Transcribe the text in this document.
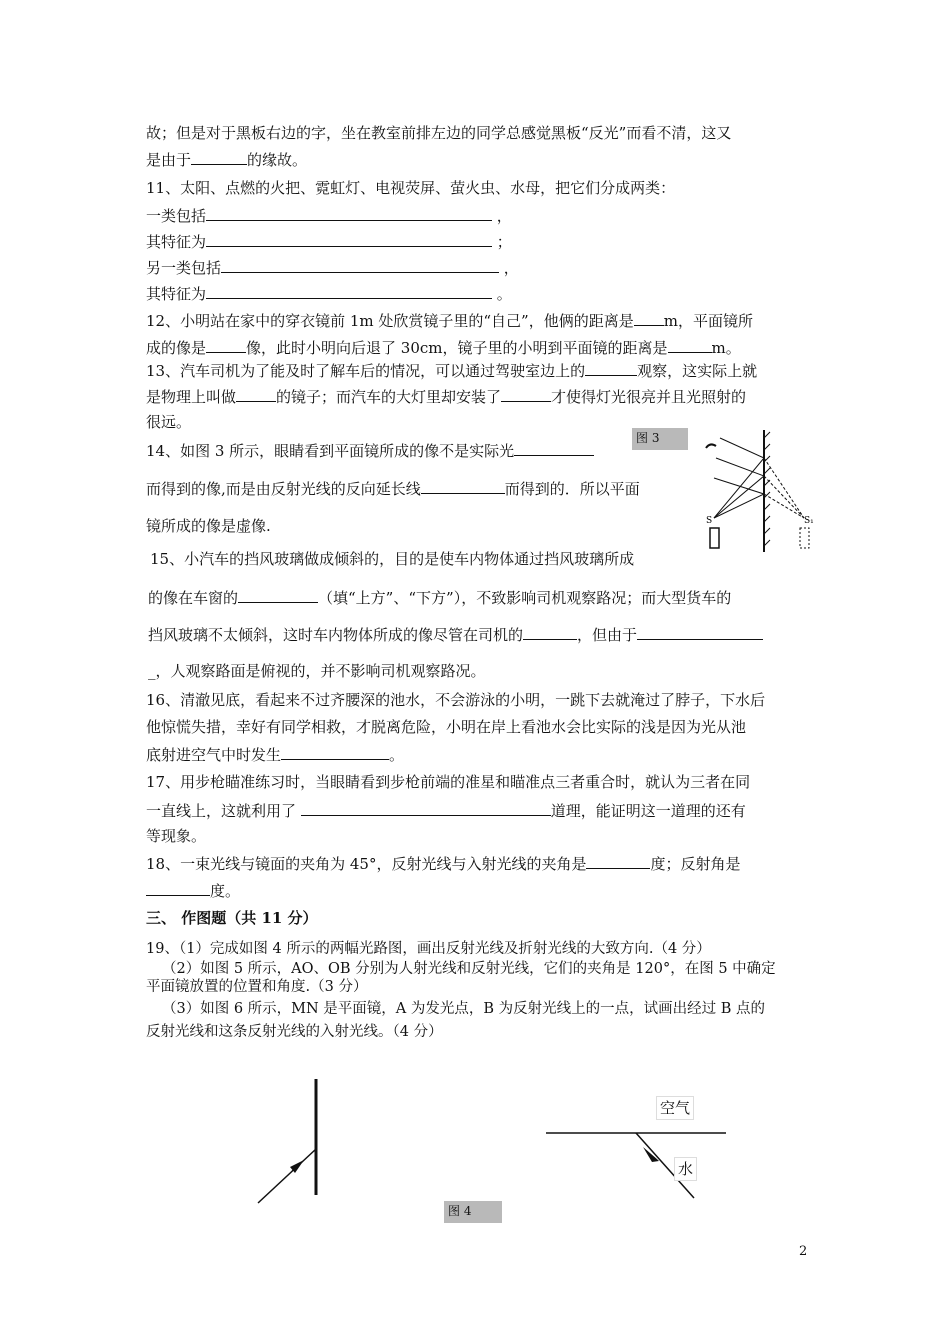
故；但是对于黑板右边的字，坐在教室前排左边的同学总感觉黑板“反光”而看不清，这又
是由于	的缘故。
11、太阳、点燃的火把、霓虹灯、电视荧屏、萤火虫、水母，把它们分成两类：
一类包括	，
其特征为	；
另一类包括	，
其特征为	。
12、小明站在家中的穿衣镜前 1m 处欣赏镜子里的“自己”，他俩的距离是 m，平面镜所
成的像是	像，此时小明向后退了 30cm，镜子里的小明到平面镜的距离是	m。
13、汽车司机为了能及时了解车后的情况，可以通过驾驶室边上的	观察，这实际上就
是物理上叫做	的镜子；而汽车的大灯里却安装了	才使得灯光很亮并且光照射的
很远。
14、如图 3 所示，眼睛看到平面镜所成的像不是实际光
而得到的像,而是由反射光线的反向延长线	而得到的．所以平面
镜所成的像是虚像.
图 3
S	S₁
15、小汽车的挡风玻璃做成倾斜的，目的是使车内物体通过挡风玻璃所成
的像在车窗的	（填“上方”、“下方”），不致影响司机观察路况；而大型货车的
挡风玻璃不太倾斜，这时车内物体所成的像尽管在司机的	，但由于
_，人观察路面是俯视的，并不影响司机观察路况。
16、清澈见底，看起来不过齐腰深的池水，不会游泳的小明，一跳下去就淹过了脖子，下水后
他惊慌失措，幸好有同学相救，才脱离危险，小明在岸上看池水会比实际的浅是因为光从池
底射进空气中时发生	。
17、用步枪瞄准练习时，当眼睛看到步枪前端的准星和瞄准点三者重合时，就认为三者在同
一直线上，这就利用了	道理，能证明这一道理的还有
等现象。
18、一束光线与镜面的夹角为 45°，反射光线与入射光线的夹角是	度；反射角是
度。
三、 作图题（共 11 分）
19、（1）完成如图 4 所示的两幅光路图，画出反射光线及折射光线的大致方向.（4 分）
（2）如图 5 所示，AO、OB 分别为人射光线和反射光线，它们的夹角是 120°，在图 5 中确定
平面镜放置的位置和角度.（3 分）
（3）如图 6 所示，MN 是平面镜，A 为发光点，B 为反射光线上的一点，试画出经过 B 点的
反射光线和这条反射光线的入射光线。（4 分）
空气
水
图 4
2
